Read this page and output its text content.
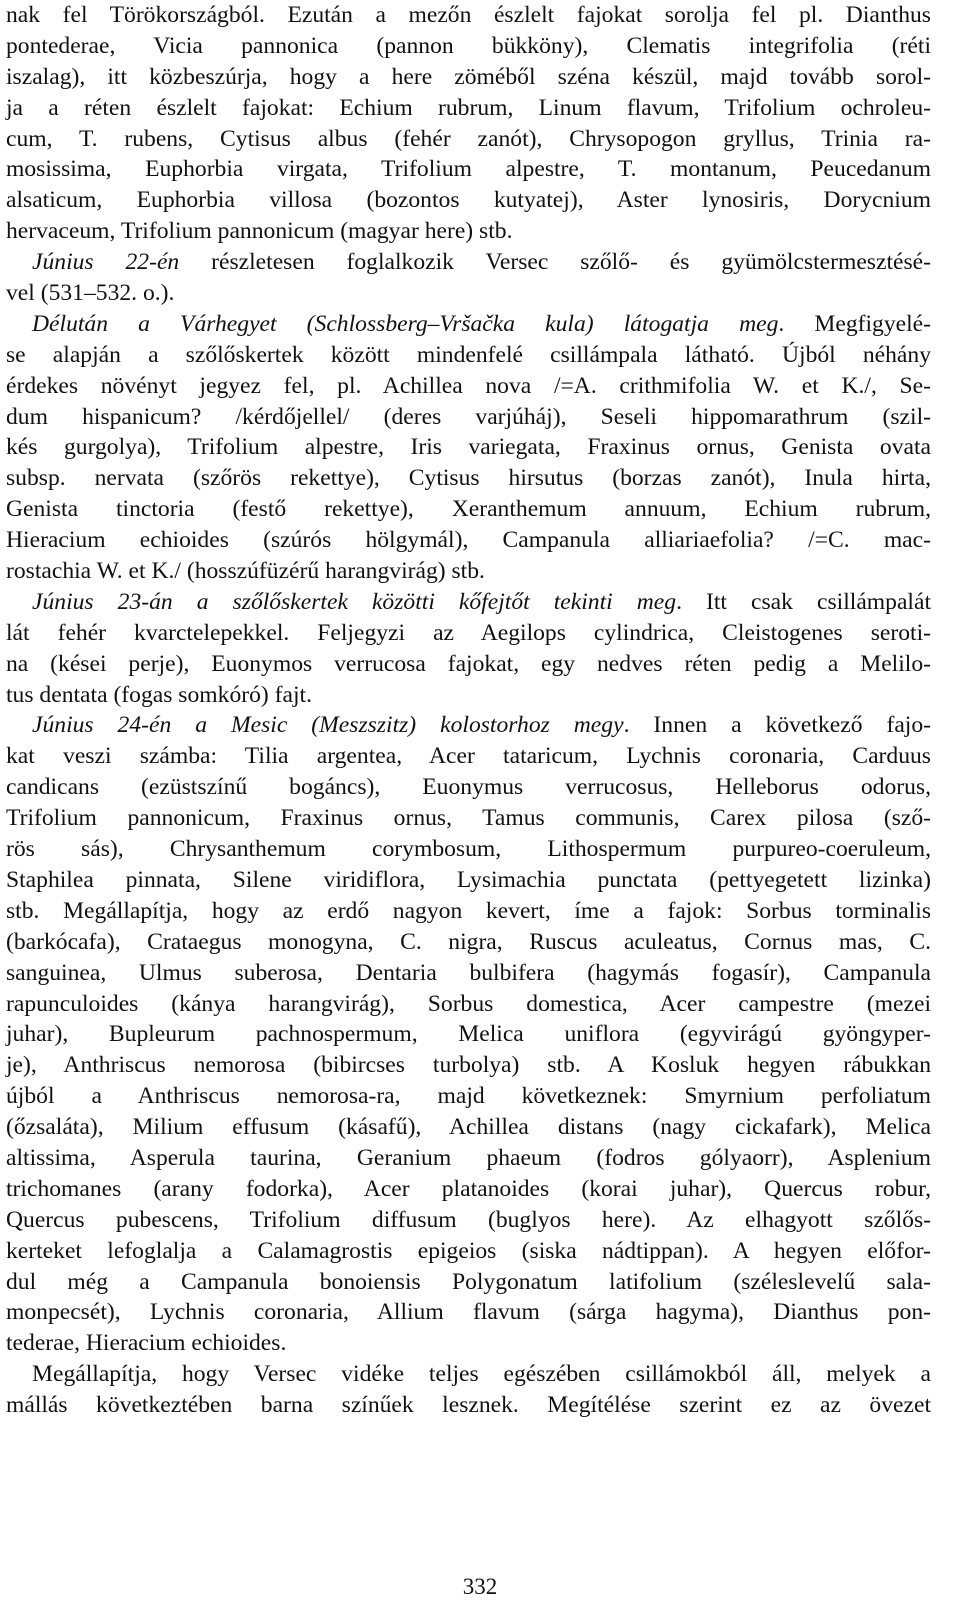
nak fel Törökországból. Ezután a mezőn észlelt fajokat sorolja fel pl. Dianthus
pontederae, Vicia pannonica (pannon bükköny), Clematis integrifolia (réti
iszalag), itt közbeszúrja, hogy a here zöméből széna készül, majd tovább sorol-
ja a réten észlelt fajokat: Echium rubrum, Linum flavum, Trifolium ochroleu-
cum, T. rubens, Cytisus albus (fehér zanót), Chrysopogon gryllus, Trinia ra-
mosissima, Euphorbia virgata, Trifolium alpestre, T. montanum, Peucedanum
alsaticum, Euphorbia villosa (bozontos kutyatej), Aster lynosiris, Dorycnium
hervaceum, Trifolium pannonicum (magyar here) stb.
Június 22-én részletesen foglalkozik Versec szőlő- és gyümölcstermesztésé-
vel (531–532. o.).
Délután a Várhegyet (Schlossberg–Vršačka kula) látogatja meg. Megfigyelé-
se alapján a szőlőskertek között mindenfelé csillámpala látható. Újból néhány
érdekes növényt jegyez fel, pl. Achillea nova /=A. crithmifolia W. et K./, Se-
dum hispanicum? /kérdőjellel/ (deres varjúháj), Seseli hippomarathrum (szil-
kés gurgolya), Trifolium alpestre, Iris variegata, Fraxinus ornus, Genista ovata
subsp. nervata (szőrös rekettye), Cytisus hirsutus (borzas zanót), Inula hirta,
Genista tinctoria (festő rekettye), Xeranthemum annuum, Echium rubrum,
Hieracium echioides (szúrós hölgymál), Campanula alliariaefolia? /=C. mac-
rostachia W. et K./ (hosszúfüzérű harangvirág) stb.
Június 23-án a szőlőskertek közötti kőfejtőt tekinti meg. Itt csak csillámpalát
lát fehér kvarctelepekkel. Feljegyzi az Aegilops cylindrica, Cleistogenes seroti-
na (kései perje), Euonymos verrucosa fajokat, egy nedves réten pedig a Melilo-
tus dentata (fogas somkóró) fajt.
Június 24-én a Mesic (Meszszitz) kolostorhoz megy. Innen a következő fajo-
kat veszi számba: Tilia argentea, Acer tataricum, Lychnis coronaria, Carduus
candicans (ezüstszínű bogáncs), Euonymus verrucosus, Helleborus odorus,
Trifolium pannonicum, Fraxinus ornus, Tamus communis, Carex pilosa (sző-
rös sás), Chrysanthemum corymbosum, Lithospermum purpureo-coeruleum,
Staphilea pinnata, Silene viridiflora, Lysimachia punctata (pettyegetett lizinka)
stb. Megállapítja, hogy az erdő nagyon kevert, íme a fajok: Sorbus torminalis
(barkócafa), Crataegus monogyna, C. nigra, Ruscus aculeatus, Cornus mas, C.
sanguinea, Ulmus suberosa, Dentaria bulbifera (hagymás fogasír), Campanula
rapunculoides (kánya harangvirág), Sorbus domestica, Acer campestre (mezei
juhar), Bupleurum pachnospermum, Melica uniflora (egyvirágú gyöngyper-
je), Anthriscus nemorosa (bibircses turbolya) stb. A Kosluk hegyen rábukkan
újból a Anthriscus nemorosa-ra, majd következnek: Smyrnium perfoliatum
(őzsaláta), Milium effusum (kásafű), Achillea distans (nagy cickafark), Melica
altissima, Asperula taurina, Geranium phaeum (fodros gólyaorr), Asplenium
trichomanes (arany fodorka), Acer platanoides (korai juhar), Quercus robur,
Quercus pubescens, Trifolium diffusum (buglyos here). Az elhagyott szőlős-
kerteket lefoglalja a Calamagrostis epigeios (siska nádtippan). A hegyen előfor-
dul még a Campanula bonoiensis Polygonatum latifolium (széleslevelű sala-
monpecsét), Lychnis coronaria, Allium flavum (sárga hagyma), Dianthus pon-
tederae, Hieracium echioides.
Megállapítja, hogy Versec vidéke teljes egészében csillámokból áll, melyek a
mállás következtében barna színűek lesznek. Megítélése szerint ez az övezet
332
